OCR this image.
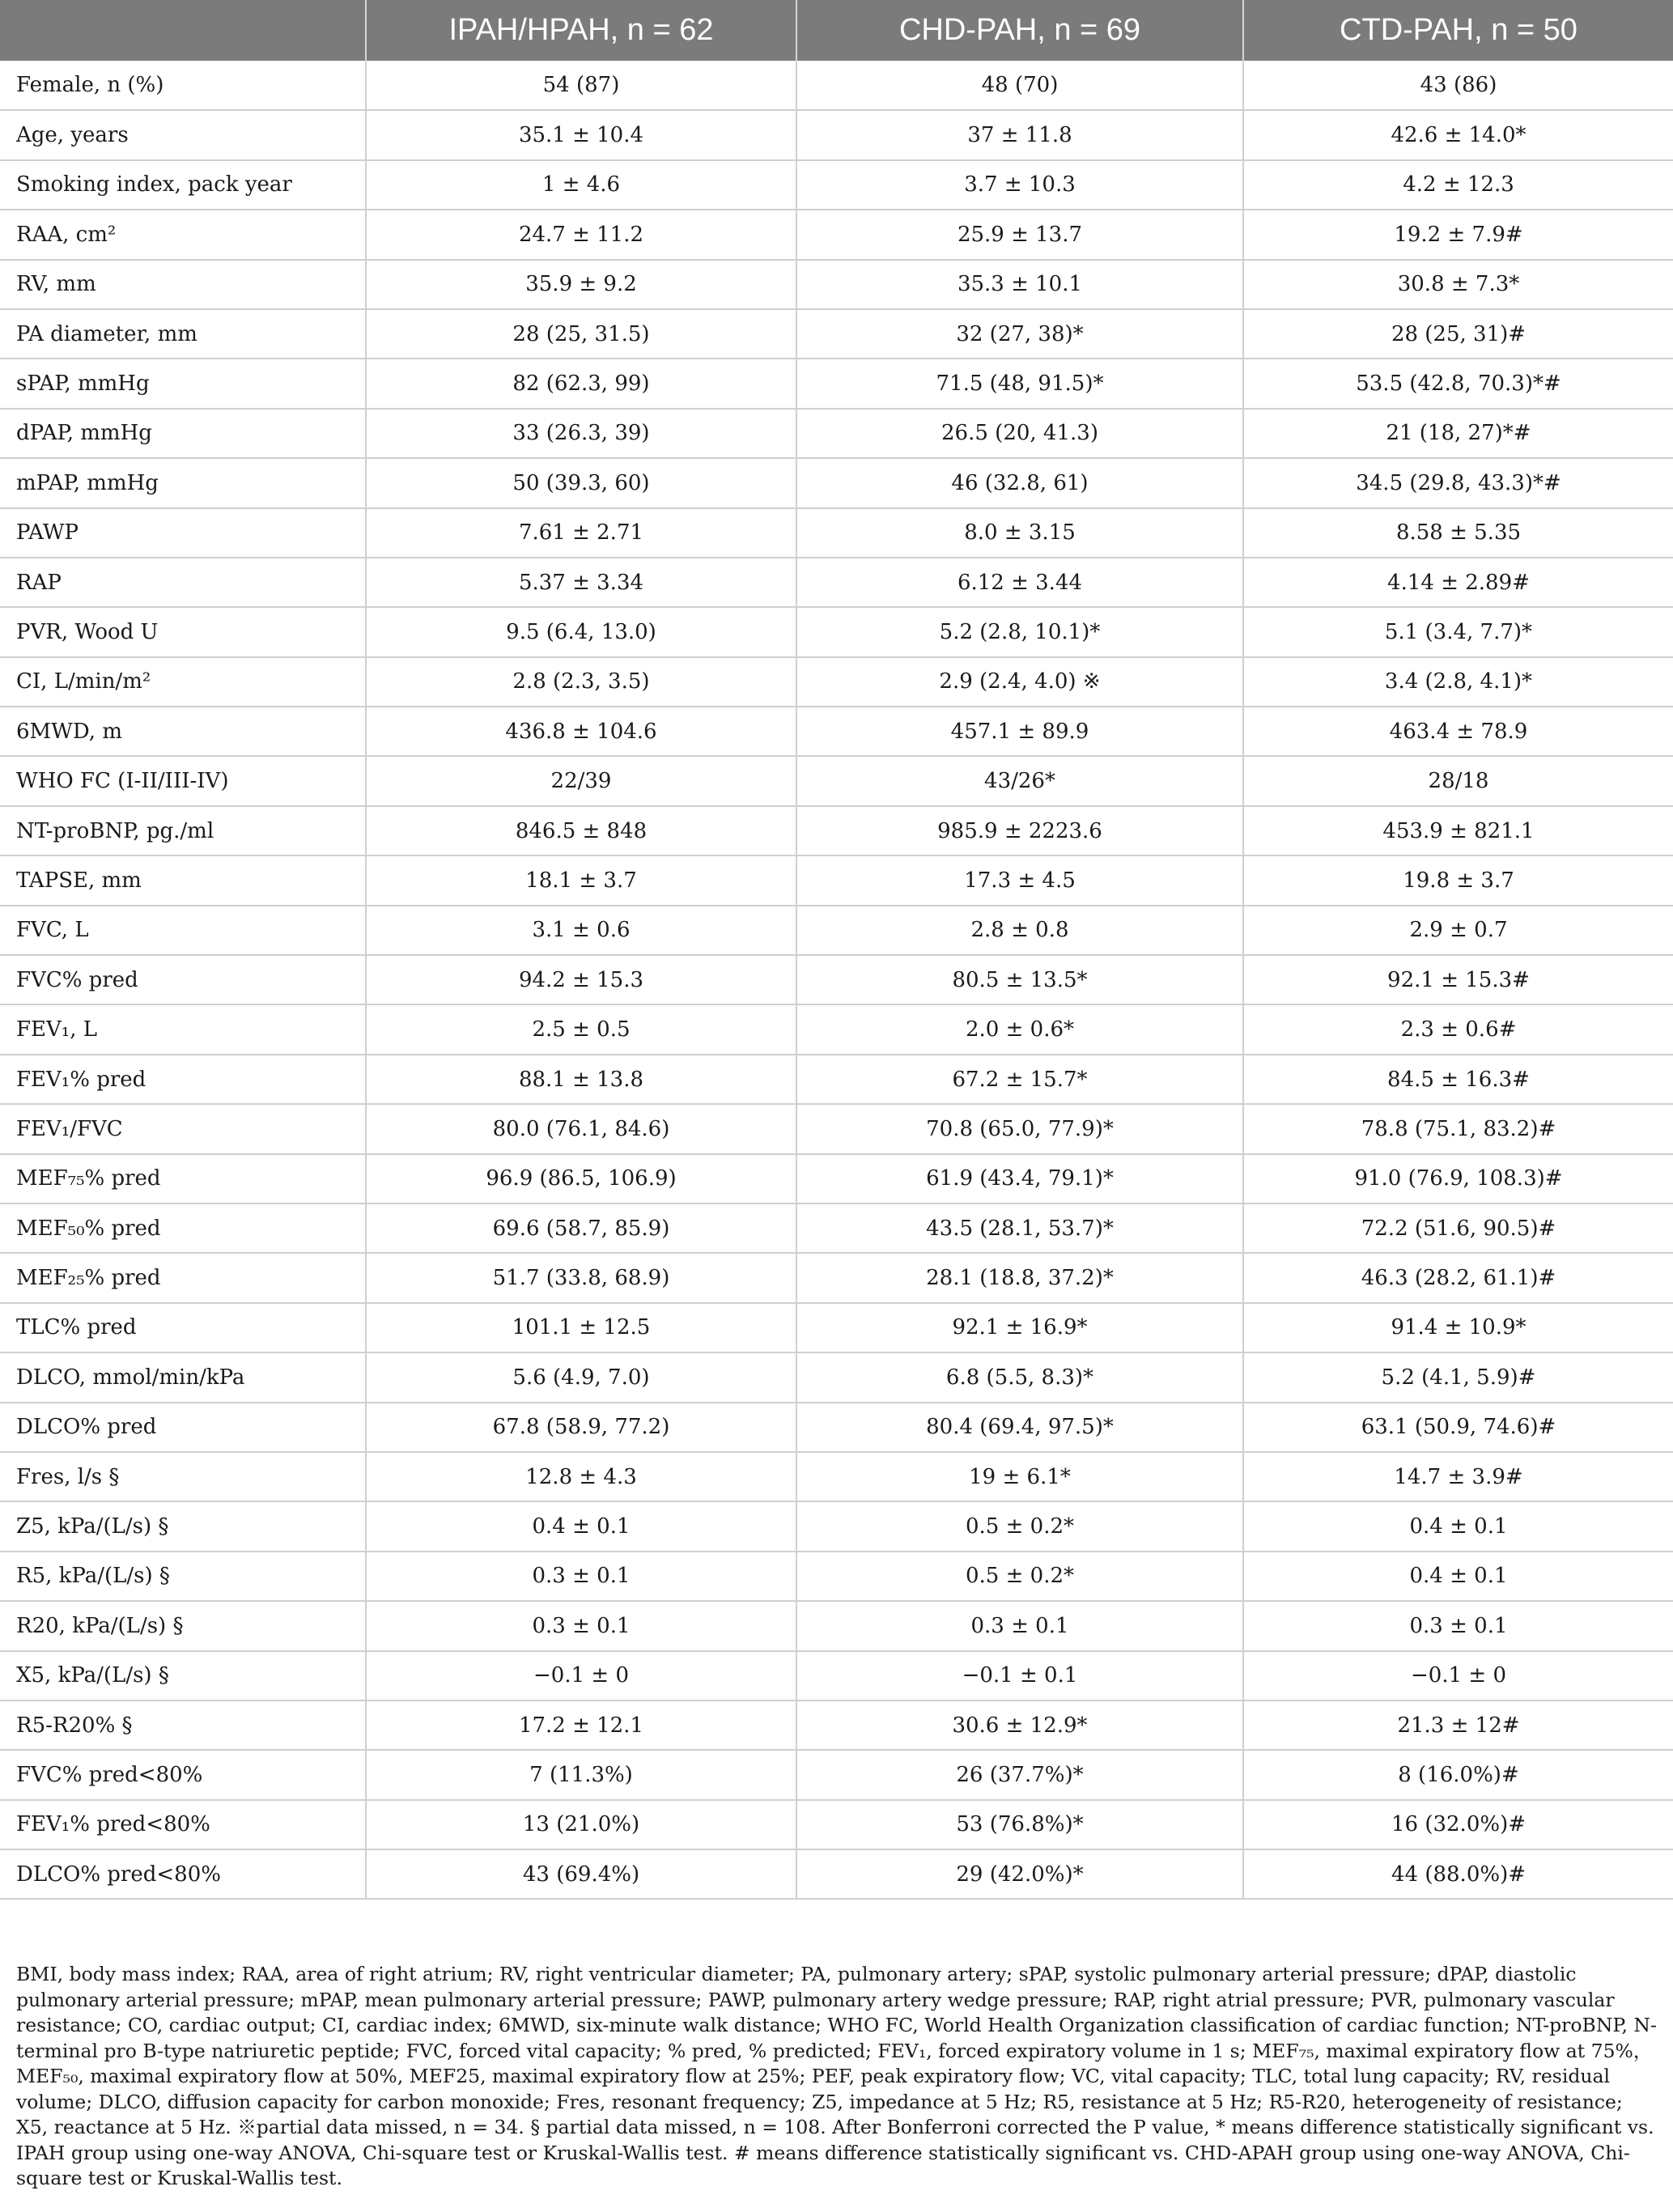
	IPAH/HPAH, n = 62	CHD-PAH, n = 69	CTD-PAH, n = 50
Female, n (%)	54 (87)	48 (70)	43 (86)
Age, years	35.1 ± 10.4	37 ± 11.8	42.6 ± 14.0*
Smoking index, pack year	1 ± 4.6	3.7 ± 10.3	4.2 ± 12.3
RAA, cm²	24.7 ± 11.2	25.9 ± 13.7	19.2 ± 7.9#
RV, mm	35.9 ± 9.2	35.3 ± 10.1	30.8 ± 7.3*
PA diameter, mm	28 (25, 31.5)	32 (27, 38)*	28 (25, 31)#
sPAP, mmHg	82 (62.3, 99)	71.5 (48, 91.5)*	53.5 (42.8, 70.3)*#
dPAP, mmHg	33 (26.3, 39)	26.5 (20, 41.3)	21 (18, 27)*#
mPAP, mmHg	50 (39.3, 60)	46 (32.8, 61)	34.5 (29.8, 43.3)*#
PAWP	7.61 ± 2.71	8.0 ± 3.15	8.58 ± 5.35
RAP	5.37 ± 3.34	6.12 ± 3.44	4.14 ± 2.89#
PVR, Wood U	9.5 (6.4, 13.0)	5.2 (2.8, 10.1)*	5.1 (3.4, 7.7)*
CI, L/min/m²	2.8 (2.3, 3.5)	2.9 (2.4, 4.0) ※	3.4 (2.8, 4.1)*
6MWD, m	436.8 ± 104.6	457.1 ± 89.9	463.4 ± 78.9
WHO FC (I-II/III-IV)	22/39	43/26*	28/18
NT-proBNP, pg./ml	846.5 ± 848	985.9 ± 2223.6	453.9 ± 821.1
TAPSE, mm	18.1 ± 3.7	17.3 ± 4.5	19.8 ± 3.7
FVC, L	3.1 ± 0.6	2.8 ± 0.8	2.9 ± 0.7
FVC% pred	94.2 ± 15.3	80.5 ± 13.5*	92.1 ± 15.3#
FEV₁, L	2.5 ± 0.5	2.0 ± 0.6*	2.3 ± 0.6#
FEV₁% pred	88.1 ± 13.8	67.2 ± 15.7*	84.5 ± 16.3#
FEV₁/FVC	80.0 (76.1, 84.6)	70.8 (65.0, 77.9)*	78.8 (75.1, 83.2)#
MEF₇₅% pred	96.9 (86.5, 106.9)	61.9 (43.4, 79.1)*	91.0 (76.9, 108.3)#
MEF₅₀% pred	69.6 (58.7, 85.9)	43.5 (28.1, 53.7)*	72.2 (51.6, 90.5)#
MEF₂₅% pred	51.7 (33.8, 68.9)	28.1 (18.8, 37.2)*	46.3 (28.2, 61.1)#
TLC% pred	101.1 ± 12.5	92.1 ± 16.9*	91.4 ± 10.9*
DLCO, mmol/min/kPa	5.6 (4.9, 7.0)	6.8 (5.5, 8.3)*	5.2 (4.1, 5.9)#
DLCO% pred	67.8 (58.9, 77.2)	80.4 (69.4, 97.5)*	63.1 (50.9, 74.6)#
Fres, l/s §	12.8 ± 4.3	19 ± 6.1*	14.7 ± 3.9#
Z5, kPa/(L/s) §	0.4 ± 0.1	0.5 ± 0.2*	0.4 ± 0.1
R5, kPa/(L/s) §	0.3 ± 0.1	0.5 ± 0.2*	0.4 ± 0.1
R20, kPa/(L/s) §	0.3 ± 0.1	0.3 ± 0.1	0.3 ± 0.1
X5, kPa/(L/s) §	−0.1 ± 0	−0.1 ± 0.1	−0.1 ± 0
R5-R20% §	17.2 ± 12.1	30.6 ± 12.9*	21.3 ± 12#
FVC% pred<80%	7 (11.3%)	26 (37.7%)*	8 (16.0%)#
FEV₁% pred<80%	13 (21.0%)	53 (76.8%)*	16 (32.0%)#
DLCO% pred<80%	43 (69.4%)	29 (42.0%)*	44 (88.0%)#

BMI, body mass index; RAA, area of right atrium; RV, right ventricular diameter; PA, pulmonary artery; sPAP, systolic pulmonary arterial pressure; dPAP, diastolic pulmonary arterial pressure; mPAP, mean pulmonary arterial pressure; PAWP, pulmonary artery wedge pressure; RAP, right atrial pressure; PVR, pulmonary vascular resistance; CO, cardiac output; CI, cardiac index; 6MWD, six-minute walk distance; WHO FC, World Health Organization classification of cardiac function; NT-proBNP, N-terminal pro B-type natriuretic peptide; FVC, forced vital capacity; % pred, % predicted; FEV₁, forced expiratory volume in 1 s; MEF₇₅, maximal expiratory flow at 75%， MEF₅₀, maximal expiratory flow at 50%, MEF25, maximal expiratory flow at 25%; PEF, peak expiratory flow; VC, vital capacity; TLC, total lung capacity; RV, residual volume; DLCO, diffusion capacity for carbon monoxide; Fres, resonant frequency; Z5, impedance at 5 Hz; R5, resistance at 5 Hz; R5-R20, heterogeneity of resistance; X5, reactance at 5 Hz. ※partial data missed, n = 34. § partial data missed, n = 108. After Bonferroni corrected the P value, * means difference statistically significant vs. IPAH group using one-way ANOVA, Chi-square test or Kruskal-Wallis test. # means difference statistically significant vs. CHD-APAH group using one-way ANOVA, Chi-square test or Kruskal-Wallis test.
